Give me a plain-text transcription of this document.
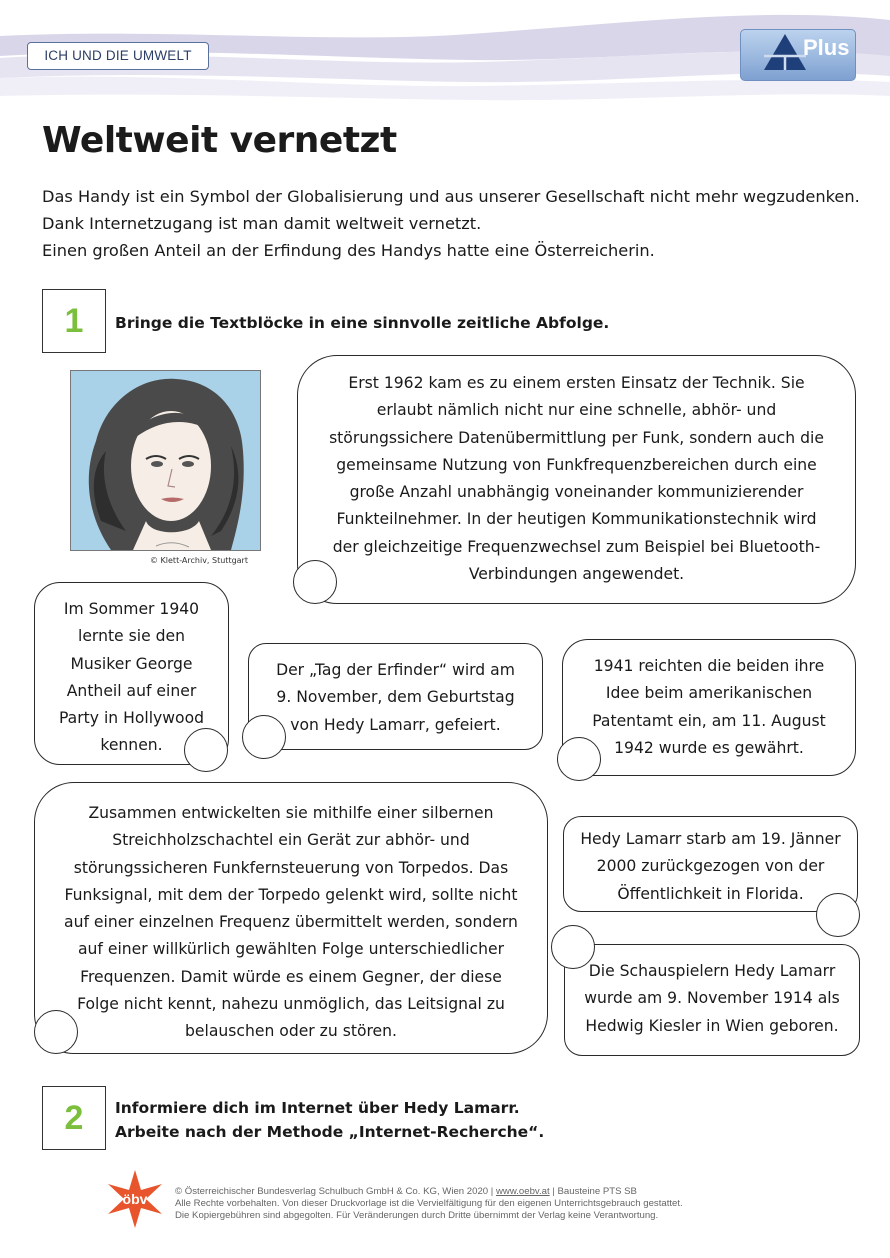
ICH UND DIE UMWELT	Plus
Weltweit vernetzt

Das Handy ist ein Symbol der Globalisierung und aus unserer Gesellschaft nicht mehr wegzudenken.

Dank Internetzugang ist man damit weltweit vernetzt.

Einen großen Anteil an der Erfindung des Handys hatte eine Österreicherin.

1	Bringe die Textblöcke in eine sinnvolle zeitliche Abfolge.
© Klett-Archiv, Stuttgart

Erst 1962 kam es zu einem ersten Einsatz der Technik. Sie

erlaubt nämlich nicht nur eine schnelle, abhör- und

störungssichere Datenübermittlung per Funk, sondern auch die

gemeinsame Nutzung von Funkfrequenzbereichen durch eine

große Anzahl unabhängig voneinander kommunizierender

Funkteilnehmer. In der heutigen Kommunikationstechnik wird

der gleichzeitige Frequenzwechsel zum Beispiel bei Bluetooth-

Verbindungen angewendet.

Im Sommer 1940

lernte sie den

Musiker George

Antheil auf einer

Party in Hollywood

kennen.

Der „Tag der Erfinder“ wird am

9. November, dem Geburtstag

von Hedy Lamarr, gefeiert.

1941 reichten die beiden ihre

Idee beim amerikanischen

Patentamt ein, am 11. August

1942 wurde es gewährt.

Zusammen entwickelten sie mithilfe einer silbernen

Streichholzschachtel ein Gerät zur abhör- und

störungssicheren Funkfernsteuerung von Torpedos. Das

Funksignal, mit dem der Torpedo gelenkt wird, sollte nicht

auf einer einzelnen Frequenz übermittelt werden, sondern

auf einer willkürlich gewählten Folge unterschiedlicher

Frequenzen. Damit würde es einem Gegner, der diese

Folge nicht kennt, nahezu unmöglich, das Leitsignal zu

belauschen oder zu stören.

Hedy Lamarr starb am 19. Jänner

2000 zurückgezogen von der

Öffentlichkeit in Florida.

Die Schauspielern Hedy Lamarr

wurde am 9. November 1914 als

Hedwig Kiesler in Wien geboren.

2	Informiere dich im Internet über Hedy Lamarr.

Arbeite nach der Methode „Internet-Recherche“.

öbv	© Österreichischer Bundesverlag Schulbuch GmbH & Co. KG, Wien 2020 | www.oebv.at | Bausteine PTS SB

Alle Rechte vorbehalten. Von dieser Druckvorlage ist die Vervielfältigung für den eigenen Unterrichtsgebrauch gestattet.

Die Kopiergebühren sind abgegolten. Für Veränderungen durch Dritte übernimmt der Verlag keine Verantwortung.
